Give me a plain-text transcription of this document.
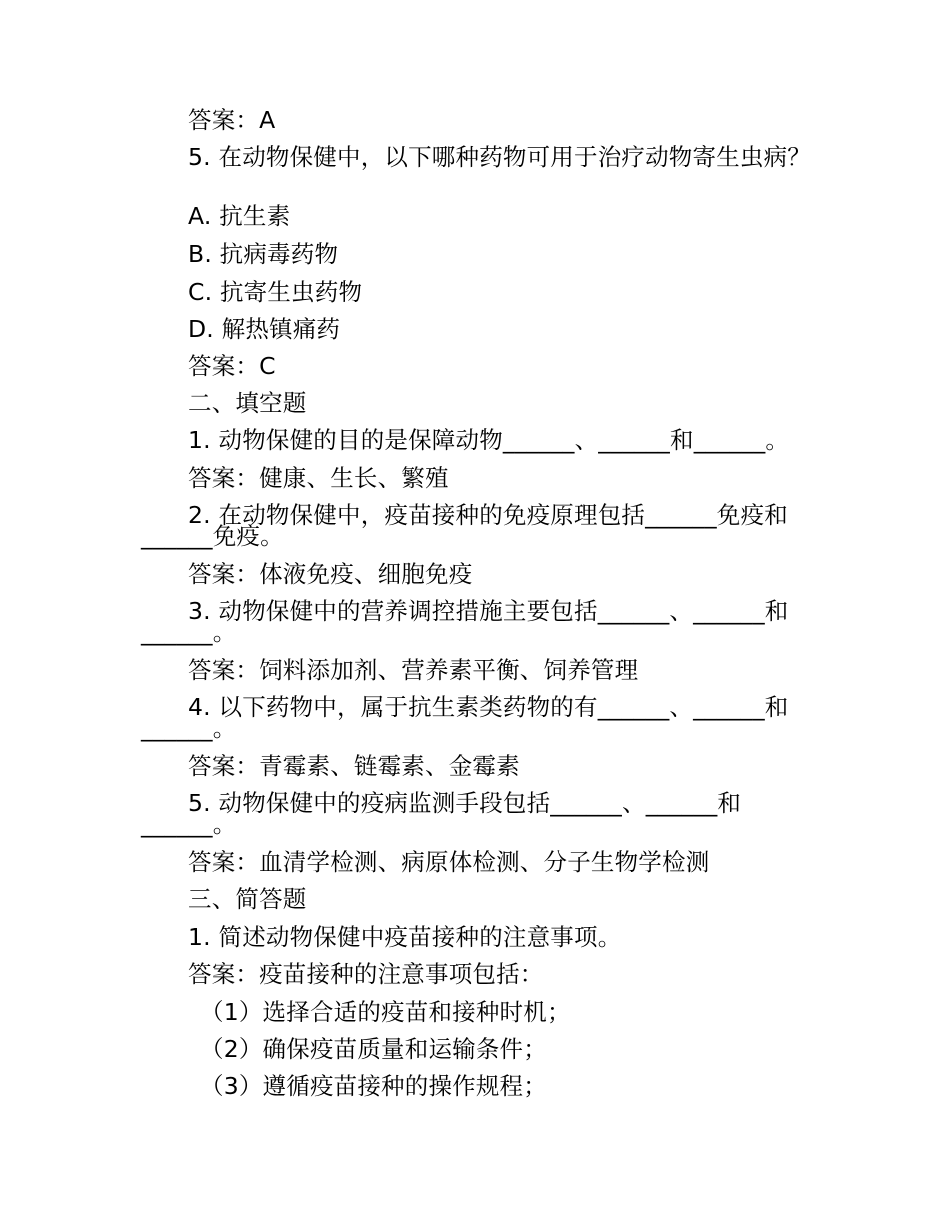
答案：A
5. 在动物保健中，以下哪种药物可用于治疗动物寄生虫病？
A. 抗生素
B. 抗病毒药物
C. 抗寄生虫药物
D. 解热镇痛药
答案：C
二、填空题
1. 动物保健的目的是保障动物______、______和______。
答案：健康、生长、繁殖
2. 在动物保健中，疫苗接种的免疫原理包括______免疫和______免疫。
答案：体液免疫、细胞免疫
3. 动物保健中的营养调控措施主要包括______、______和______。
答案：饲料添加剂、营养素平衡、饲养管理
4. 以下药物中，属于抗生素类药物的有______、______和______。
答案：青霉素、链霉素、金霉素
5. 动物保健中的疫病监测手段包括______、______和______。
答案：血清学检测、病原体检测、分子生物学检测
三、简答题
1. 简述动物保健中疫苗接种的注意事项。
答案：疫苗接种的注意事项包括：
（1）选择合适的疫苗和接种时机；
（2）确保疫苗质量和运输条件；
（3）遵循疫苗接种的操作规程；
